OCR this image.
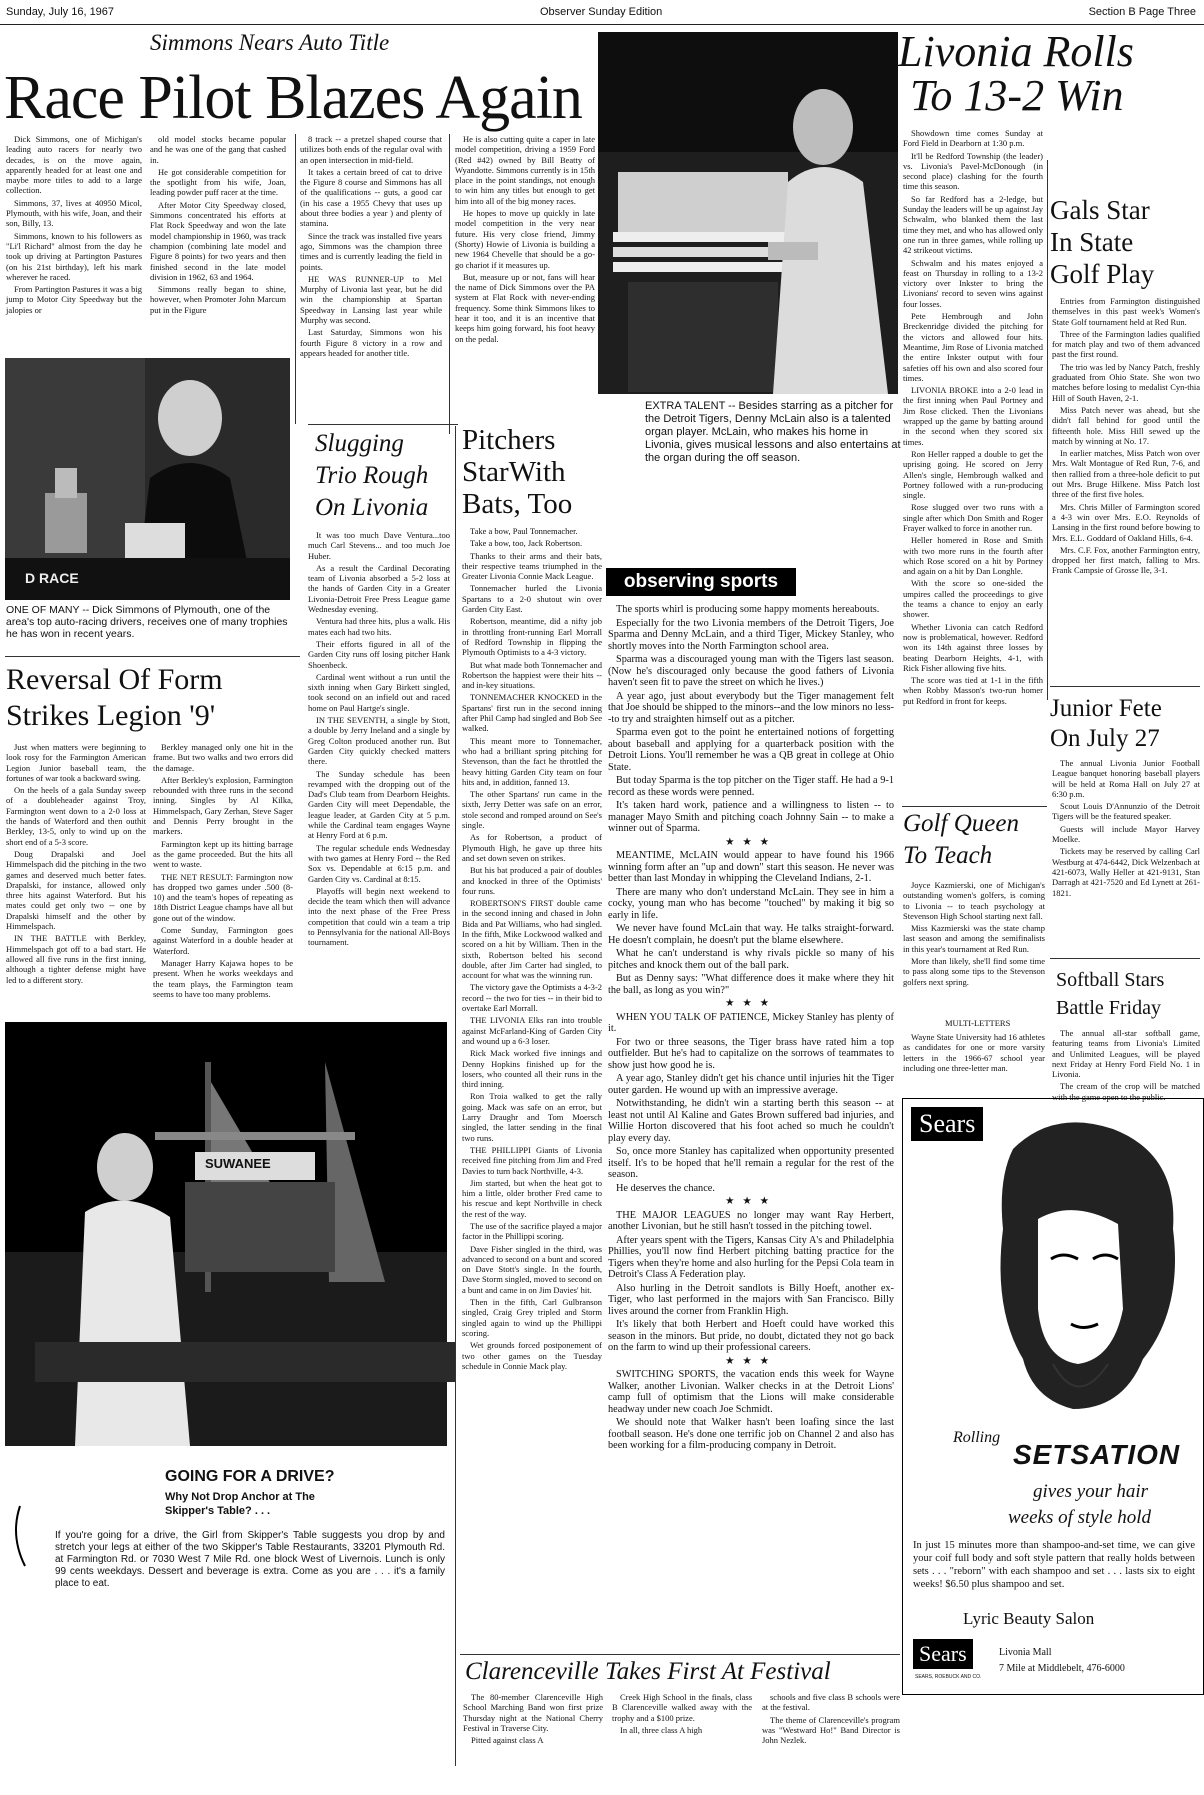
Sunday, July 16, 1967	Observer Sunday Edition	Section B Page Three
Simmons Nears Auto Title
Race Pilot Blazes Again

Dick Simmons, one of Michigan's leading auto racers for nearly two decades, is on the move again, apparently headed for at least one and maybe more titles to add to a large collection.

Simmons, 37, lives at 40950 Micol, Plymouth, with his wife, Joan, and their son, Billy, 13.

Simmons, known to his followers as "Li'l Richard" almost from the day he took up driving at Partington Pastures (on his 21st birthday), left his mark wherever he raced.

From Partington Pastures it was a big jump to Motor City Speedway but the jalopies or

old model stocks became popular and he was one of the gang that cashed in.

He got considerable competition for the spotlight from his wife, Joan, leading powder puff racer at the time.

After Motor City Speedway closed, Simmons concentrated his efforts at Flat Rock Speedway and won the late model championship in 1960, was track champion (combining late model and Figure 8 points) for two years and then finished second in the late model division in 1962, 63 and 1964.

Simmons really began to shine, however, when Promoter John Marcum put in the Figure

8 track -- a pretzel shaped course that utilizes both ends of the regular oval with an open intersection in mid-field.

It takes a certain breed of cat to drive the Figure 8 course and Simmons has all of the qualifications -- guts, a good car (in his case a 1955 Chevy that uses up about three bodies a year ) and plenty of stamina.

Since the track was installed five years ago, Simmons was the champion three times and is currently leading the field in points.

HE WAS RUNNER-UP to Mel Murphy of Livonia last year, but he did win the championship at Spartan Speedway in Lansing last year while Murphy was second.

Last Saturday, Simmons won his fourth Figure 8 victory in a row and appears headed for another title.

He is also cutting quite a caper in late model competition, driving a 1959 Ford (Red #42) owned by Bill Beatty of Wyandotte. Simmons currently is in 15th place in the point standings, not enough to win him any titles but enough to get him into all of the big money races.

He hopes to move up quickly in late model competition in the very near future. His very close friend, Jimmy (Shorty) Howie of Livonia is building a new 1964 Chevelle that should be a go-go chariot if it measures up.

But, measure up or not, fans will hear the name of Dick Simmons over the PA system at Flat Rock with never-ending frequency. Some think Simmons likes to hear it too, and it is an incentive that keeps him going forward, his foot heavy on the pedal.

D RACE
ONE OF MANY -- Dick Simmons of Plymouth, one of the area's top auto-racing drivers, receives one of many trophies he has won in recent years.
EXTRA TALENT -- Besides starring as a pitcher for the Detroit Tigers, Denny McLain also is a talented organ player. McLain, who makes his home in Livonia, gives musical lessons and also entertains at the organ during the off season.
Livonia Rolls
To 13-2 Win

Showdown time comes Sunday at Ford Field in Dearborn at 1:30 p.m.

It'll be Redford Township (the leader) vs. Livonia's Pavel-McDonough (in second place) clashing for the fourth time this season.

So far Redford has a 2-ledge, but Sunday the leaders will be up against Jay Schwalm, who blanked them the last time they met, and who has allowed only one run in three games, while rolling up 42 strikeout victims.

Schwalm and his mates enjoyed a feast on Thursday in rolling to a 13-2 victory over Inkster to bring the Livonians' record to seven wins against four losses.

Pete Hembrough and John Breckenridge divided the pitching for the victors and allowed four hits. Meantime, Jim Rose of Livonia matched the entire Inkster output with four safeties off his own and also scored four times.

LIVONIA BROKE into a 2-0 lead in the first inning when Paul Portney and Jim Rose clicked. Then the Livonians wrapped up the game by batting around in the second when they scored six times.

Ron Heller rapped a double to get the uprising going. He scored on Jerry Allen's single, Hembrough walked and Portney followed with a run-producing single.

Rose slugged over two runs with a single after which Don Smith and Roger Frayer walked to force in another run.

Heller homered in Rose and Smith with two more runs in the fourth after which Rose scored on a hit by Portney and again on a hit by Dan Longhle.

With the score so one-sided the umpires called the proceedings to give the teams a chance to enjoy an early shower.

Whether Livonia can catch Redford now is problematical, however. Redford won its 14th against three losses by beating Dearborn Heights, 4-1, with Rick Fisher allowing five hits.

The score was tied at 1-1 in the fifth when Robby Masson's two-run homer put Redford in front for keeps.

Gals Star
In State
Golf Play

Entries from Farmington distinguished themselves in this past week's Women's State Golf tournament held at Red Run.

Three of the Farmington ladies qualified for match play and two of them advanced past the first round.

The trio was led by Nancy Patch, freshly graduated from Ohio State. She won two matches before losing to medalist Cyn-thia Hill of South Haven, 2-1.

Miss Patch never was ahead, but she didn't fall behind for good until the fifteenth hole. Miss Hill sewed up the match by winning at No. 17.

In earlier matches, Miss Patch won over Mrs. Walt Montague of Red Run, 7-6, and then rallied from a three-hole deficit to put out Mrs. Bruge Hilkene. Miss Patch lost three of the first five holes.

Mrs. Chris Miller of Farmington scored a 4-3 win over Mrs. E.O. Reynolds of Lansing in the first round before bowing to Mrs. E.L. Goddard of Oakland Hills, 6-4.

Mrs. C.F. Fox, another Farmington entry, dropped her first match, falling to Mrs. Frank Campsie of Grosse Ile, 3-1.

Junior Fete
On July 27

The annual Livonia Junior Football League banquet honoring baseball players will be held at Roma Hall on July 27 at 6:30 p.m.

Scout Louis D'Annunzio of the Detroit Tigers will be the featured speaker.

Guests will include Mayor Harvey Moelke.

Tickets may be reserved by calling Carl Westburg at 474-6442, Dick Welzenbach at 421-6073, Wally Heller at 421-9131, Stan Darragh at 421-7520 and Ed Lynett at 261-1821.

Golf Queen
To Teach

Joyce Kazmierski, one of Michigan's outstanding women's golfers, is coming to Livonia -- to teach psychology at Stevenson High School starting next fall.

Miss Kazmierski was the state champ last season and among the semifinalists in this year's tournament at Red Run.

More than likely, she'll find some time to pass along some tips to the Stevenson golfers next spring.

MULTI-LETTERS

Wayne State University had 16 athletes as candidates for one or more varsity letters in the 1966-67 school year including one three-letter man.

Softball Stars
Battle Friday

The annual all-star softball game, featuring teams from Livonia's Limited and Unlimited Leagues, will be played next Friday at Henry Ford Field No. 1 in Livonia.

The cream of the crop will be matched with the game open to the public.

Sears
Rolling
SETSATION
gives your hair
weeks of style hold
In just 15 minutes more than shampoo-and-set time, we can give your coif full body and soft style pattern that really holds between sets . . . "reborn" with each shampoo and set . . . lasts six to eight weeks! $6.50 plus shampoo and set.
Lyric Beauty Salon
Sears
SEARS, ROEBUCK AND CO.
Livonia Mall
7 Mile at Middlebelt, 476-6000
Reversal Of Form
Strikes Legion '9'

Just when matters were beginning to look rosy for the Farmington American Legion Junior baseball team, the fortunes of war took a backward swing.

On the heels of a gala Sunday sweep of a doubleheader against Troy, Farmington went down to a 2-0 loss at the hands of Waterford and then outhit Berkley, 13-5, only to wind up on the short end of a 5-3 score.

Doug Drapalski and Joel Himmelspach did the pitching in the two games and deserved much better fates. Drapalski, for instance, allowed only three hits against Waterford. But his mates could get only two -- one by Drapalski himself and the other by Himmelspach.

IN THE BATTLE with Berkley, Himmelspach got off to a bad start. He allowed all five runs in the first inning, although a tighter defense might have led to a different story.

Berkley managed only one hit in the frame. But two walks and two errors did the damage.

After Berkley's explosion, Farmington rebounded with three runs in the second inning. Singles by Al Kilka, Himmelspach, Gary Zerhan, Steve Sager and Dennis Perry brought in the markers.

Farmington kept up its hitting barrage as the game proceeded. But the hits all went to waste.

THE NET RESULT: Farmington now has dropped two games under .500 (8-10) and the team's hopes of repeating as 18th District League champs have all but gone out of the window.

Come Sunday, Farmington goes against Waterford in a double header at Waterford.

Manager Harry Kajawa hopes to be present. When he works weekdays and the team plays, the Farmington team seems to have too many problems.

Slugging
Trio Rough
On Livonia

It was too much Dave Ventura...too much Carl Stevens... and too much Joe Huber.

As a result the Cardinal Decorating team of Livonia absorbed a 5-2 loss at the hands of Garden City in a Greater Livonia-Detroit Free Press League game Wednesday evening.

Ventura had three hits, plus a walk. His mates each had two hits.

Their efforts figured in all of the Garden City runs off losing pitcher Hank Shoenbeck.

Cardinal went without a run until the sixth inning when Gary Birkett singled, took second on an infield out and raced home on Paul Hartge's single.

IN THE SEVENTH, a single by Stott, a double by Jerry Ineland and a single by Greg Colton produced another run. But Garden City quickly checked matters there.

The Sunday schedule has been revamped with the dropping out of the Dad's Club team from Dearborn Heights. Garden City will meet Dependable, the league leader, at Garden City at 5 p.m. while the Cardinal team engages Wayne at Henry Ford at 6 p.m.

The regular schedule ends Wednesday with two games at Henry Ford -- the Red Sox vs. Dependable at 6:15 p.m. and Garden City vs. Cardinal at 8:15.

Playoffs will begin next weekend to decide the team which then will advance into the next phase of the Free Press competition that could win a team a trip to Pennsylvania for the national All-Boys tournament.

Pitchers
StarWith
Bats, Too

Take a bow, Paul Tonnemacher.

Take a bow, too, Jack Robertson.

Thanks to their arms and their bats, their respective teams triumphed in the Greater Livonia Connie Mack League.

Tonnemacher hurled the Livonia Spartans to a 2-0 shutout win over Garden City East.

Robertson, meantime, did a nifty job in throttling front-running Earl Morrall of Redford Township in flipping the Plymouth Optimists to a 4-3 victory.

But what made both Tonnemacher and Robertson the happiest were their hits -- and in-key situations.

TONNEMACHER KNOCKED in the Spartans' first run in the second inning after Phil Camp had singled and Bob See walked.

This meant more to Tonnemacher, who had a brilliant spring pitching for Stevenson, than the fact he throttled the heavy hitting Garden City team on four hits and, in addition, fanned 13.

The other Spartans' run came in the sixth, Jerry Detter was safe on an error, stole second and romped around on See's single.

As for Robertson, a product of Plymouth High, he gave up three hits and set down seven on strikes.

But his bat produced a pair of doubles and knocked in three of the Optimists' four runs.

ROBERTSON'S FIRST double came in the second inning and chased in John Bida and Pat Williams, who had singled. In the fifth, Mike Lockwood walked and scored on a hit by William. Then in the sixth, Robertson belted his second double, after Jim Carter had singled, to account for what was the winning run.

The victory gave the Optimists a 4-3-2 record -- the two for ties -- in their bid to overtake Earl Morrall.

THE LIVONIA Elks ran into trouble against McFarland-King of Garden City and wound up a 6-3 loser.

Rick Mack worked five innings and Denny Hopkins finished up for the losers, who counted all their runs in the third inning.

Ron Troia walked to get the rally going. Mack was safe on an error, but Larry Draughr and Tom Moersch singled, the latter sending in the final two runs.

THE PHILLIPPI Giants of Livonia received fine pitching from Jim and Fred Davies to turn back Northville, 4-3.

Jim started, but when the heat got to him a little, older brother Fred came to his rescue and kept Northville in check the rest of the way.

The use of the sacrifice played a major factor in the Phillippi scoring.

Dave Fisher singled in the third, was advanced to second on a bunt and scored on Dave Stott's single. In the fourth, Dave Storm singled, moved to second on a bunt and came in on Jim Davies' hit.

Then in the fifth, Carl Gulbranson singled, Craig Grey tripled and Storm singled again to wind up the Phillippi scoring.

Wet grounds forced postponement of two other games on the Tuesday schedule in Connie Mack play.

SUWANEE
GOING FOR A DRIVE?
Why Not Drop Anchor at The Skipper's Table? . . .
If you're going for a drive, the Girl from Skipper's Table suggests you drop by and stretch your legs at either of the two Skipper's Table Restaurants, 33201 Plymouth Rd. at Farmington Rd. or 7030 West 7 Mile Rd. one block West of Livernois. Lunch is only 99 cents weekdays. Dessert and beverage is extra. Come as you are . . . it's a family place to eat.
observing sports

The sports whirl is producing some happy moments hereabouts.

Especially for the two Livonia members of the Detroit Tigers, Joe Sparma and Denny McLain, and a third Tiger, Mickey Stanley, who shortly moves into the North Farmington school area.

Sparma was a discouraged young man with the Tigers last season. (Now he's discouraged only because the good fathers of Livonia haven't seen fit to pave the street on which he lives.)

A year ago, just about everybody but the Tiger management felt that Joe should be shipped to the minors--and the low minors no less--to try and straighten himself out as a pitcher.

Sparma even got to the point he entertained notions of forgetting about baseball and applying for a quarterback position with the Detroit Lions. You'll remember he was a QB great in college at Ohio State.

But today Sparma is the top pitcher on the Tiger staff. He had a 9-1 record as these words were penned.

It's taken hard work, patience and a willingness to listen -- to manager Mayo Smith and pitching coach Johnny Sain -- to make a winner out of Sparma.

★★★

MEANTIME, McLAIN would appear to have found his 1966 winning form after an "up and down" start this season. He never was better than last Monday in whipping the Cleveland Indians, 2-1.

There are many who don't understand McLain. They see in him a cocky, young man who has become "touched" by making it big so early in life.

We never have found McLain that way. He talks straight-forward. He doesn't complain, he doesn't put the blame elsewhere.

What he can't understand is why rivals pickle so many of his pitches and knock them out of the ball park.

But as Denny says: "What difference does it make where they hit the ball, as long as you win?"

★★★

WHEN YOU TALK OF PATIENCE, Mickey Stanley has plenty of it.

For two or three seasons, the Tiger brass have rated him a top outfielder. But he's had to capitalize on the sorrows of teammates to show just how good he is.

A year ago, Stanley didn't get his chance until injuries hit the Tiger outer garden. He wound up with an impressive average.

Notwithstanding, he didn't win a starting berth this season -- at least not until Al Kaline and Gates Brown suffered bad injuries, and Willie Horton discovered that his foot ached so much he couldn't play every day.

So, once more Stanley has capitalized when opportunity presented itself. It's to be hoped that he'll remain a regular for the rest of the season.

He deserves the chance.

★★★

THE MAJOR LEAGUES no longer may want Ray Herbert, another Livonian, but he still hasn't tossed in the pitching towel.

After years spent with the Tigers, Kansas City A's and Philadelphia Phillies, you'll now find Herbert pitching batting practice for the Tigers when they're home and also hurling for the Pepsi Cola team in Detroit's Class A Federation play.

Also hurling in the Detroit sandlots is Billy Hoeft, another ex-Tiger, who last performed in the majors with San Francisco. Billy lives around the corner from Franklin High.

It's likely that both Herbert and Hoeft could have worked this season in the minors. But pride, no doubt, dictated they not go back on the farm to wind up their professional careers.

★★★

SWITCHING SPORTS, the vacation ends this week for Wayne Walker, another Livonian. Walker checks in at the Detroit Lions' camp full of optimism that the Lions will make considerable headway under new coach Joe Schmidt.

We should note that Walker hasn't been loafing since the last football season. He's done one terrific job on Channel 2 and also has been working for a film-producing company in Detroit.

Clarenceville Takes First At Festival

The 80-member Clarenceville High School Marching Band won first prize Thursday night at the National Cherry Festival in Traverse City.

Pitted against class A

Creek High School in the finals, class B Clarenceville walked away with the trophy and a $100 prize.

In all, three class A high

schools and five class B schools were at the festival.

The theme of Clarenceville's program was "Westward Ho!" Band Director is John Nezlek.
